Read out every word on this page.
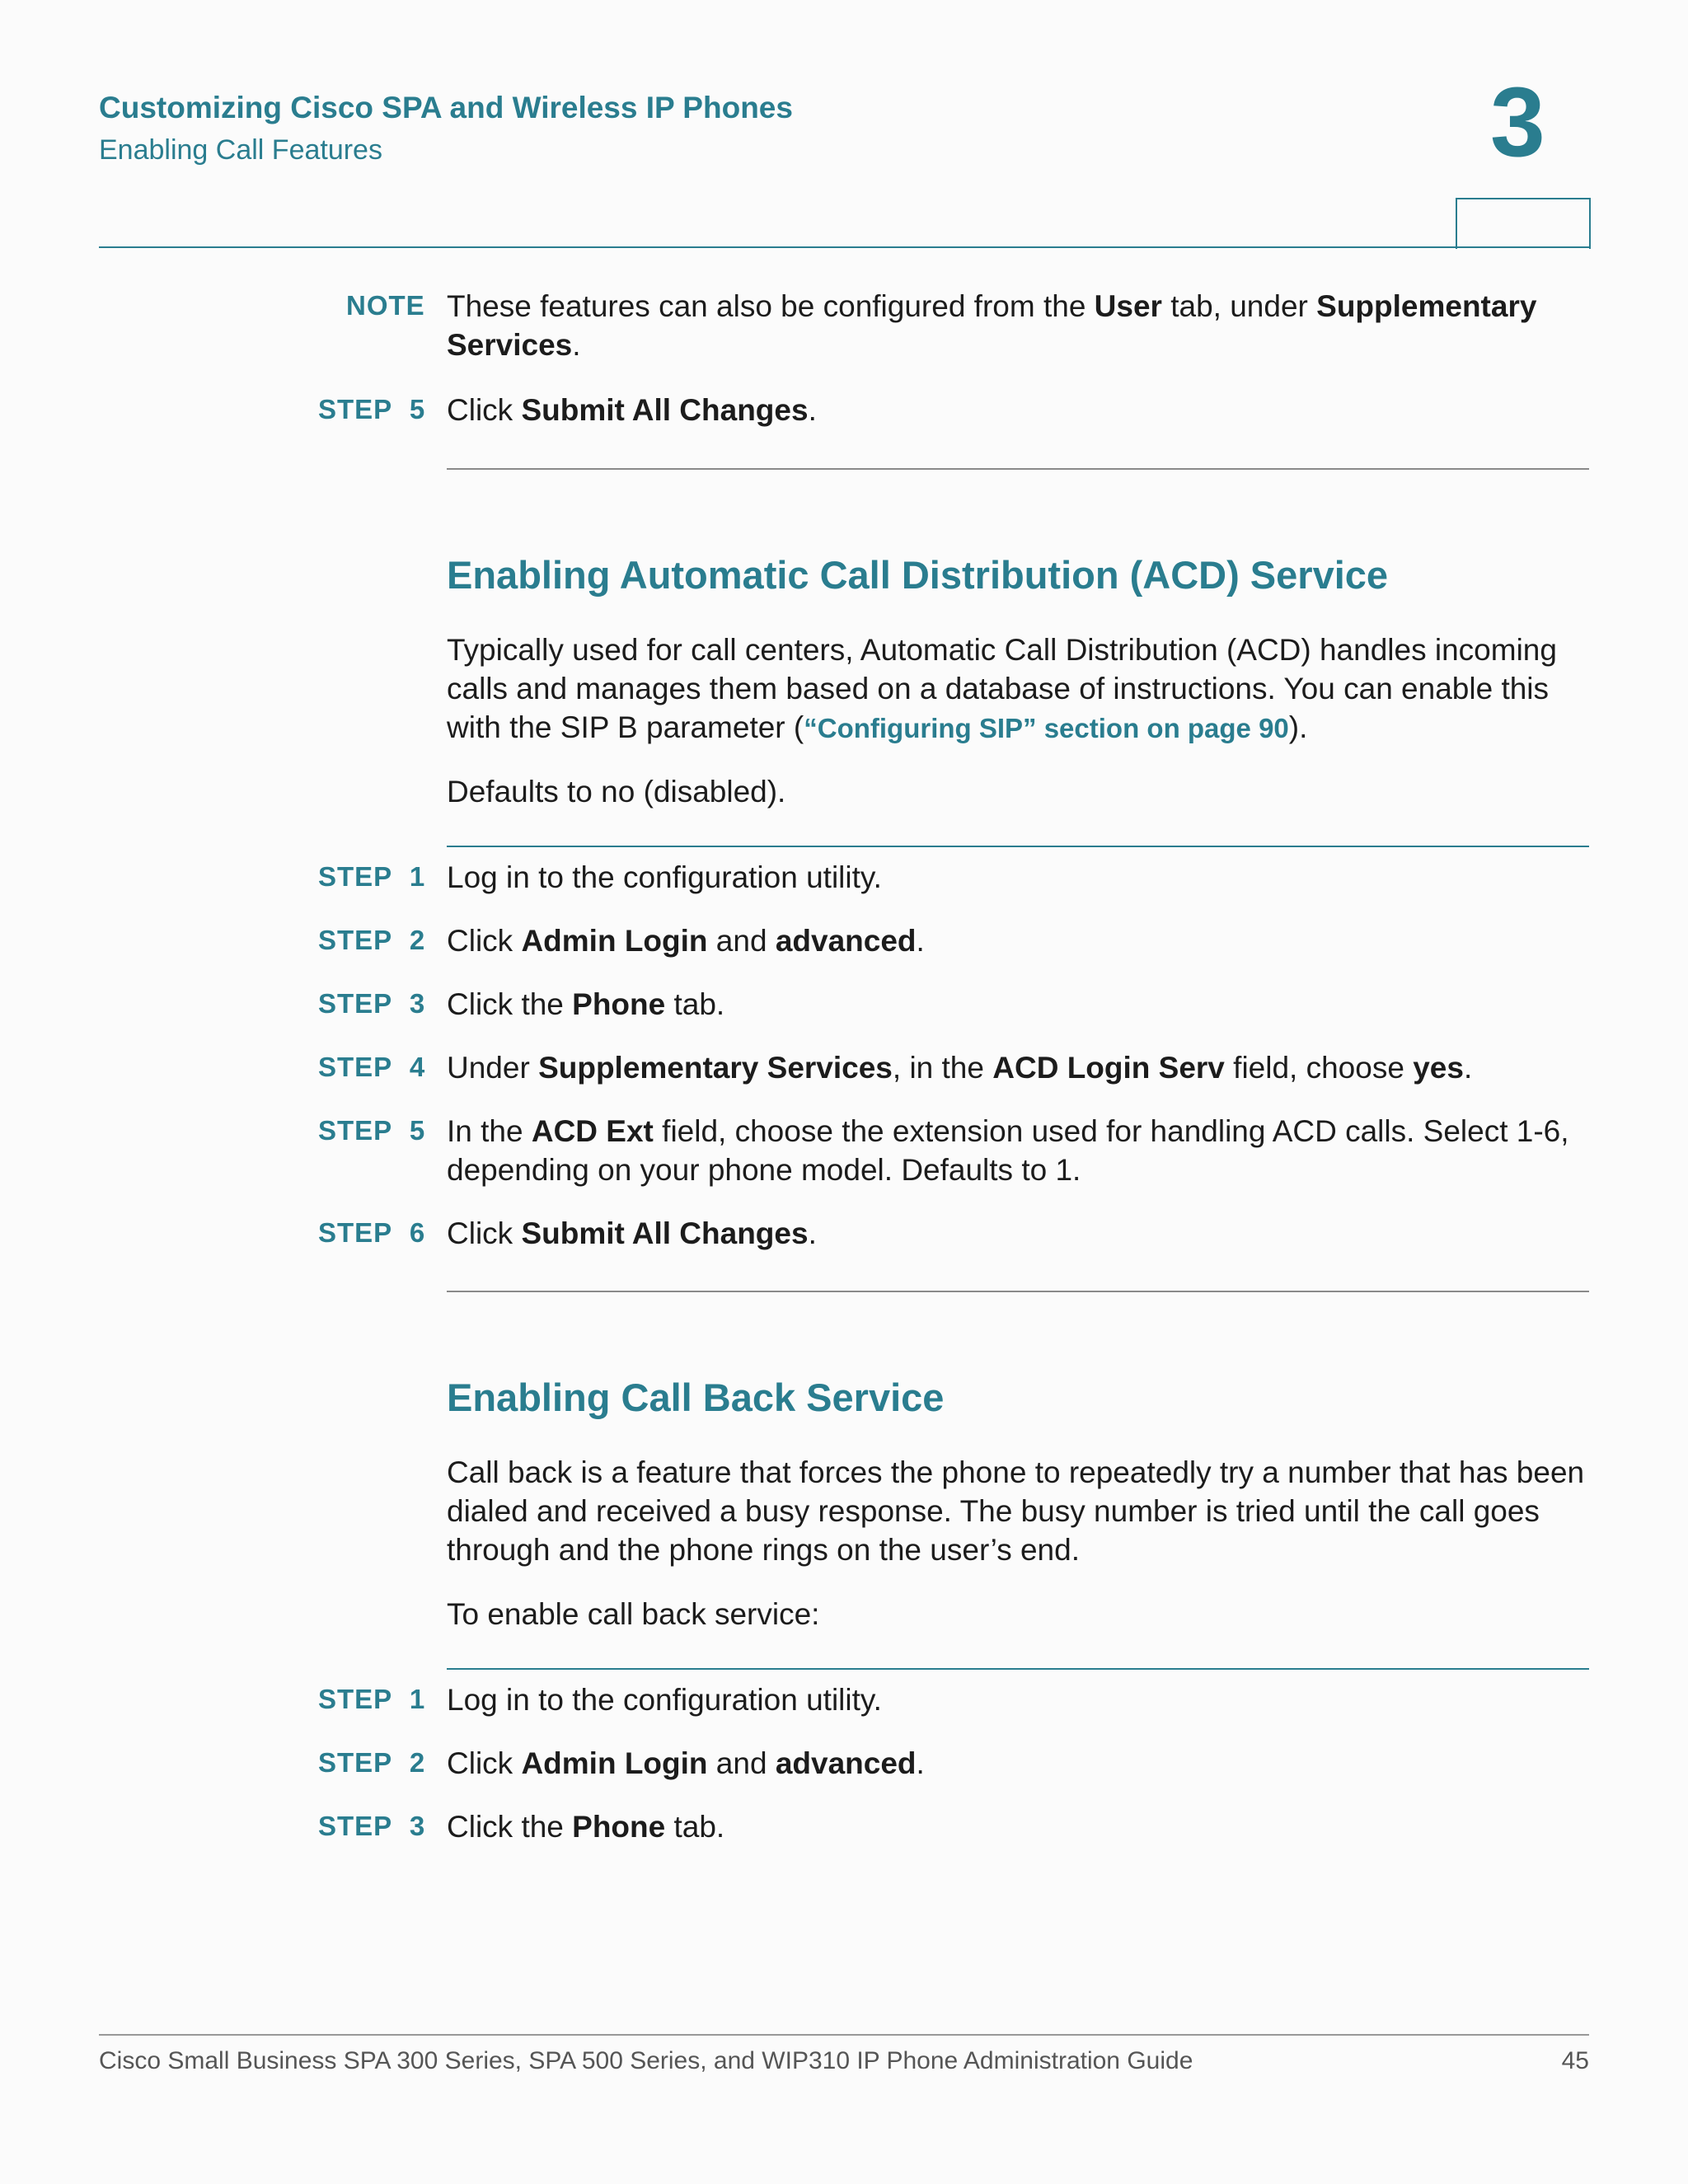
Customizing Cisco SPA and Wireless IP Phones

Enabling Call Features	3
NOTE These features can also be configured from the User tab, under Supplementary Services.
STEP 5 Click Submit All Changes.
Enabling Automatic Call Distribution (ACD) Service
Typically used for call centers, Automatic Call Distribution (ACD) handles incoming calls and manages them based on a database of instructions. You can enable this with the SIP B parameter (“Configuring SIP” section on page 90).
Defaults to no (disabled).
STEP 1 Log in to the configuration utility.
STEP 2 Click Admin Login and advanced.
STEP 3 Click the Phone tab.
STEP 4 Under Supplementary Services, in the ACD Login Serv field, choose yes.
STEP 5 In the ACD Ext field, choose the extension used for handling ACD calls. Select 1-6, depending on your phone model. Defaults to 1.
STEP 6 Click Submit All Changes.
Enabling Call Back Service
Call back is a feature that forces the phone to repeatedly try a number that has been dialed and received a busy response. The busy number is tried until the call goes through and the phone rings on the user’s end.
To enable call back service:
STEP 1 Log in to the configuration utility.
STEP 2 Click Admin Login and advanced.
STEP 3 Click the Phone tab.
Cisco Small Business SPA 300 Series, SPA 500 Series, and WIP310 IP Phone Administration Guide	45
